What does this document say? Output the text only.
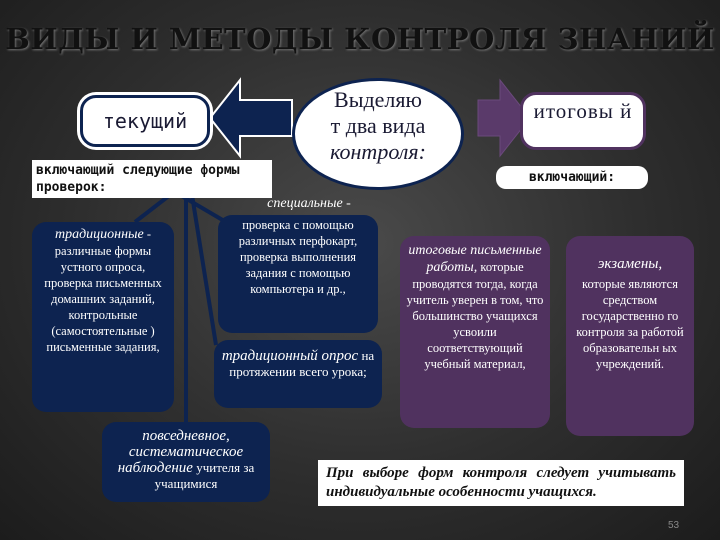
ВИДЫ И МЕТОДЫ КОНТРОЛЯ ЗНАНИЙ
текущий
Выделяю
т два вида
контроля:
итоговы й
включающий следующие формы проверок:
включающий:
специальные -
традиционные - различные формы устного опроса, проверка письменных домашних заданий, контрольные (самостоятельные ) письменные задания,
проверка с помощью различных перфокарт, проверка выполнения задания с помощью компьютера и др.,
традиционный опрос на протяжении всего урока;
повседневное, систематическое наблюдение учителя за учащимися
итоговые письменные работы, которые проводятся тогда, когда учитель уверен в том, что большинство учащихся усвоили соответствующий учебный материал,
экзамены,
которые являются средством государственно го контроля за работой образовательн ых учреждений.
При выборе форм контроля следует учитывать индивидуальные особенности учащихся.
53
